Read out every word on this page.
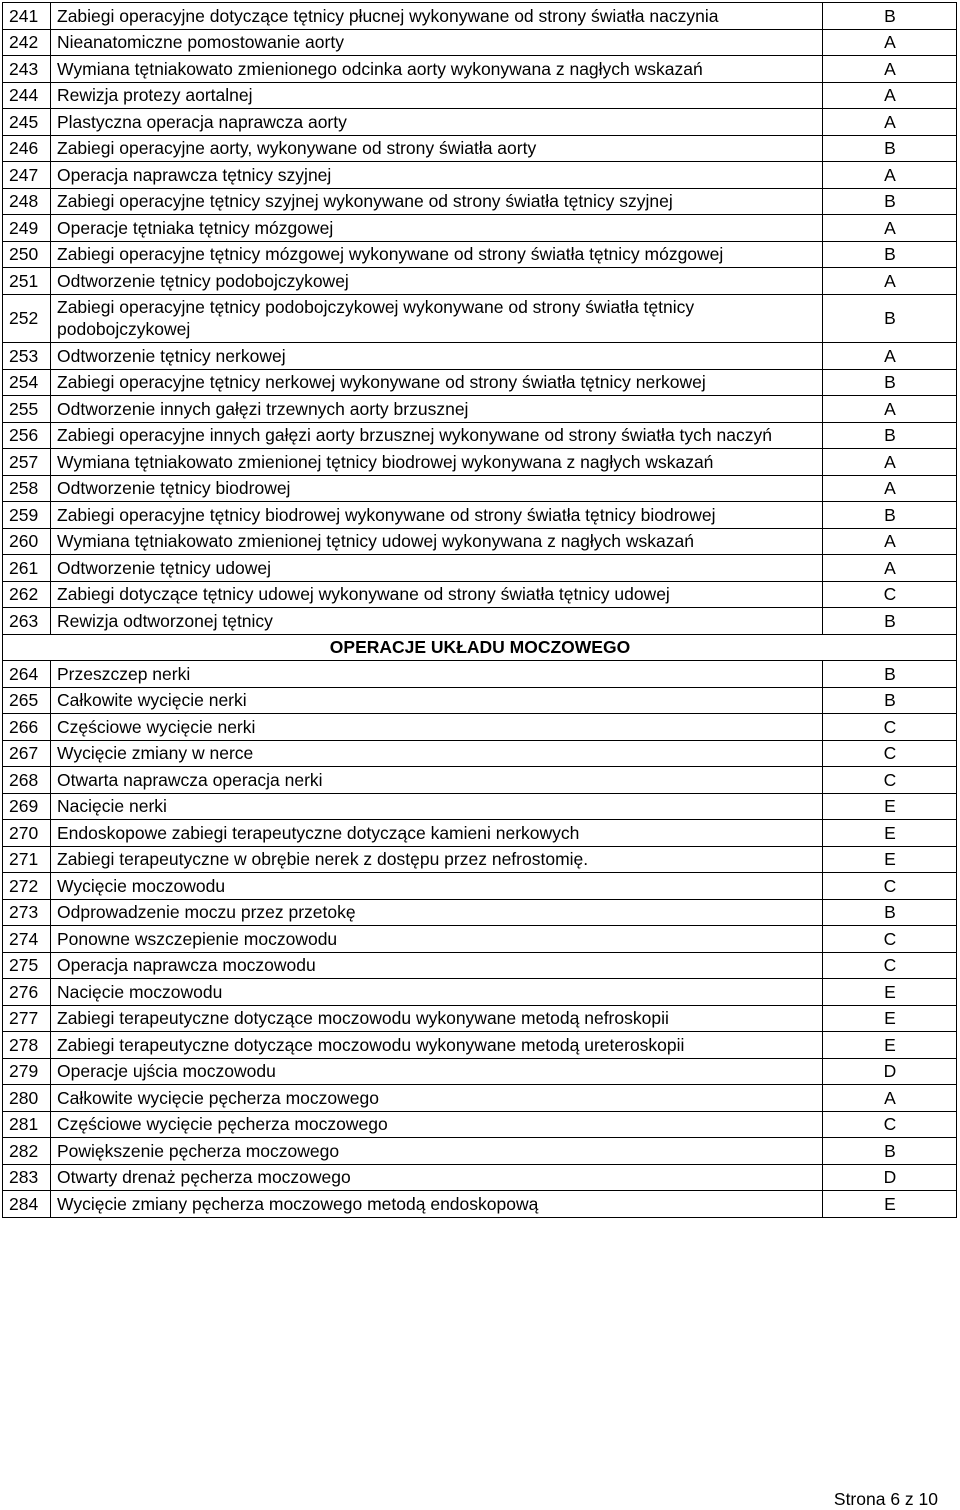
241	Zabiegi operacyjne dotyczące tętnicy płucnej wykonywane od strony światła naczynia	B
242	Nieanatomiczne pomostowanie aorty	A
243	Wymiana tętniakowato zmienionego odcinka aorty wykonywana z nagłych wskazań	A
244	Rewizja protezy aortalnej	A
245	Plastyczna operacja naprawcza aorty	A
246	Zabiegi operacyjne aorty, wykonywane od strony światła aorty	B
247	Operacja naprawcza tętnicy szyjnej	A
248	Zabiegi operacyjne tętnicy szyjnej wykonywane od strony światła tętnicy szyjnej	B
249	Operacje tętniaka tętnicy mózgowej	A
250	Zabiegi operacyjne tętnicy mózgowej wykonywane od strony światła tętnicy mózgowej	B
251	Odtworzenie tętnicy podobojczykowej	A
252	Zabiegi operacyjne tętnicy podobojczykowej wykonywane od strony światła tętnicy podobojczykowej	B
253	Odtworzenie tętnicy nerkowej	A
254	Zabiegi operacyjne tętnicy nerkowej wykonywane od strony światła tętnicy nerkowej	B
255	Odtworzenie innych gałęzi trzewnych aorty brzusznej	A
256	Zabiegi operacyjne innych gałęzi aorty brzusznej wykonywane od strony światła tych naczyń	B
257	Wymiana tętniakowato zmienionej tętnicy biodrowej wykonywana z nagłych wskazań	A
258	Odtworzenie tętnicy biodrowej	A
259	Zabiegi operacyjne tętnicy biodrowej wykonywane od strony światła tętnicy biodrowej	B
260	Wymiana tętniakowato zmienionej tętnicy udowej wykonywana z nagłych wskazań	A
261	Odtworzenie tętnicy udowej	A
262	Zabiegi dotyczące tętnicy udowej wykonywane od strony światła tętnicy udowej	C
263	Rewizja odtworzonej tętnicy	B
OPERACJE UKŁADU MOCZOWEGO		
264	Przeszczep nerki	B
265	Całkowite wycięcie nerki	B
266	Częściowe wycięcie nerki	C
267	Wycięcie zmiany w nerce	C
268	Otwarta naprawcza operacja nerki	C
269	Nacięcie nerki	E
270	Endoskopowe zabiegi terapeutyczne dotyczące kamieni nerkowych	E
271	Zabiegi terapeutyczne w obrębie nerek z dostępu przez nefrostomię.	E
272	Wycięcie moczowodu	C
273	Odprowadzenie moczu przez przetokę	B
274	Ponowne wszczepienie moczowodu	C
275	Operacja naprawcza moczowodu	C
276	Nacięcie moczowodu	E
277	Zabiegi terapeutyczne dotyczące moczowodu wykonywane metodą nefroskopii	E
278	Zabiegi terapeutyczne dotyczące moczowodu wykonywane metodą ureteroskopii	E
279	Operacje ujścia moczowodu	D
280	Całkowite wycięcie pęcherza moczowego	A
281	Częściowe wycięcie pęcherza moczowego	C
282	Powiększenie pęcherza moczowego	B
283	Otwarty drenaż pęcherza moczowego	D
284	Wycięcie zmiany pęcherza moczowego metodą endoskopową	E
Strona 6 z 10
